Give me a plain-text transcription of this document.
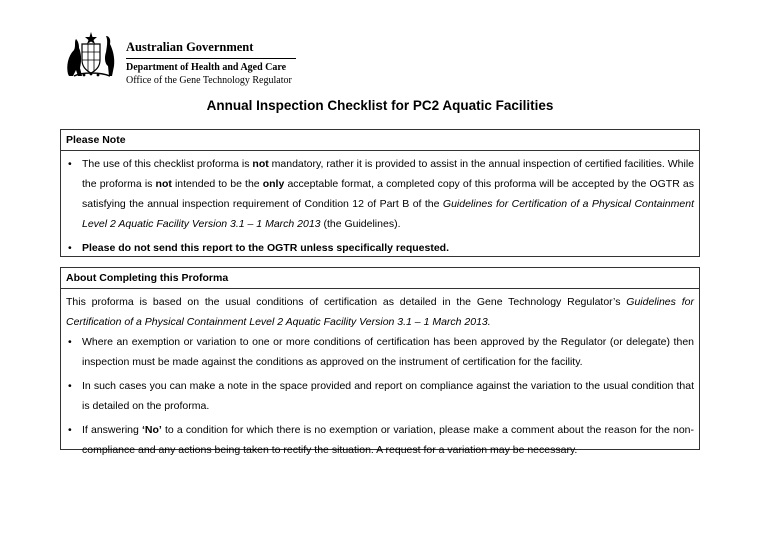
Australian Government
Department of Health and Aged Care
Office of the Gene Technology Regulator
Annual Inspection Checklist for PC2 Aquatic Facilities
Please Note
• The use of this checklist proforma is not mandatory, rather it is provided to assist in the annual inspection of certified facilities. While the proforma is not intended to be the only acceptable format, a completed copy of this proforma will be accepted by the OGTR as satisfying the annual inspection requirement of Condition 12 of Part B of the Guidelines for Certification of a Physical Containment Level 2 Aquatic Facility Version 3.1 – 1 March 2013 (the Guidelines).
• Please do not send this report to the OGTR unless specifically requested.
About Completing this Proforma
This proforma is based on the usual conditions of certification as detailed in the Gene Technology Regulator’s Guidelines for Certification of a Physical Containment Level 2 Aquatic Facility Version 3.1 – 1 March 2013.
• Where an exemption or variation to one or more conditions of certification has been approved by the Regulator (or delegate) then inspection must be made against the conditions as approved on the instrument of certification for the facility.
• In such cases you can make a note in the space provided and report on compliance against the variation to the usual condition that is detailed on the proforma.
• If answering ‘No’ to a condition for which there is no exemption or variation, please make a comment about the reason for the non-compliance and any actions being taken to rectify the situation. A request for a variation may be necessary.
